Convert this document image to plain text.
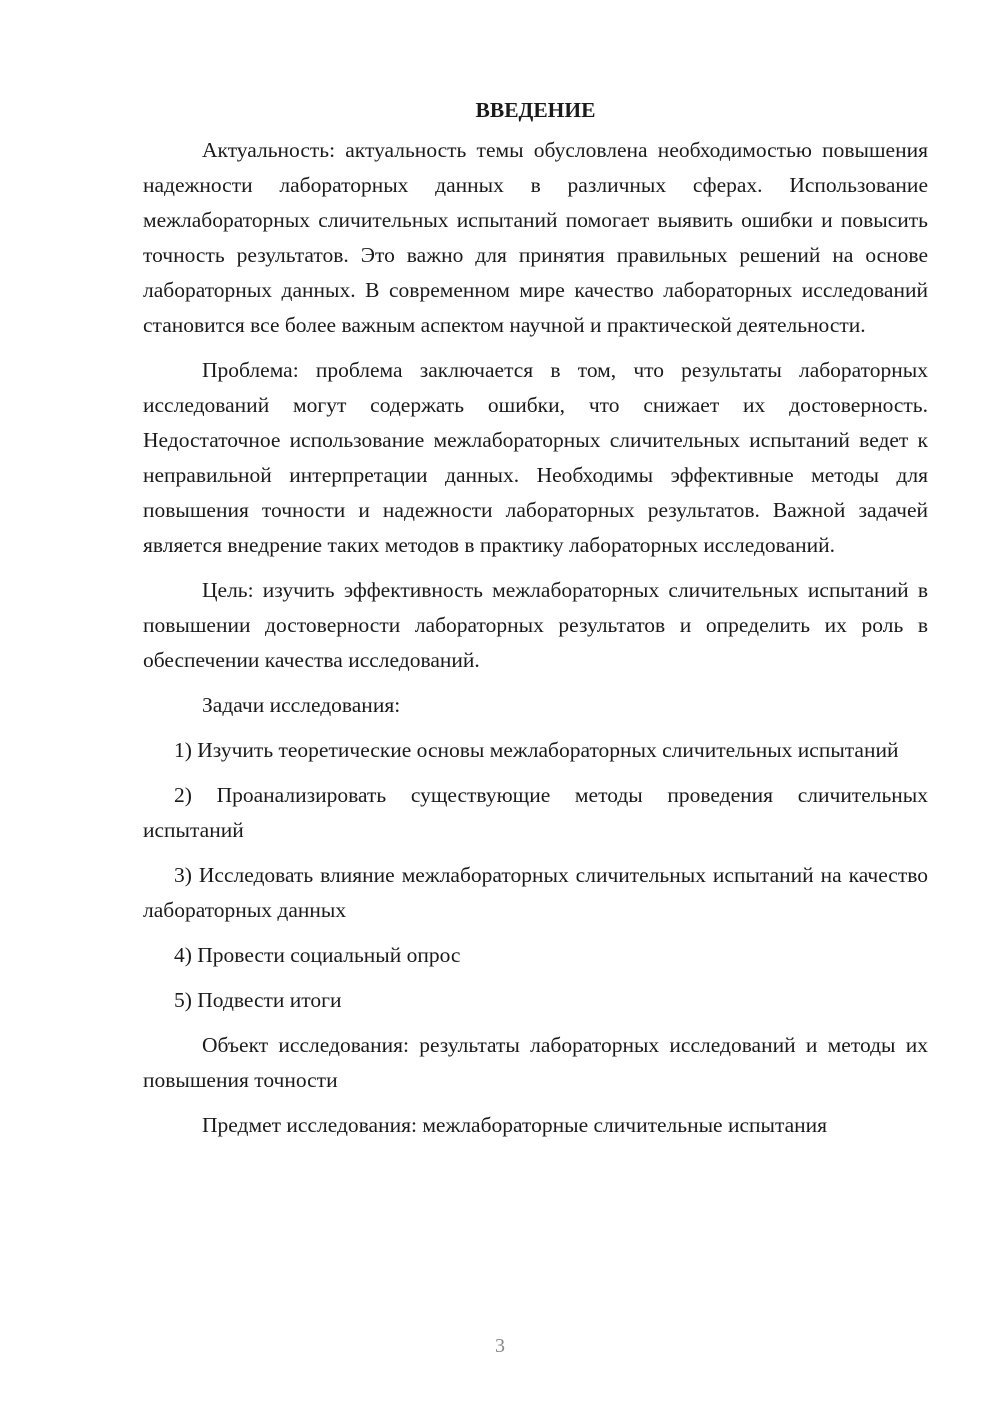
ВВЕДЕНИЕ

Актуальность: актуальность темы обусловлена необходимостью повышения надежности лабораторных данных в различных сферах. Использование межлабораторных сличительных испытаний помогает выявить ошибки и повысить точность результатов. Это важно для принятия правильных решений на основе лабораторных данных. В современном мире качество лабораторных исследований становится все более важным аспектом научной и практической деятельности.

Проблема: проблема заключается в том, что результаты лабораторных исследований могут содержать ошибки, что снижает их достоверность. Недостаточное использование межлабораторных сличительных испытаний ведет к неправильной интерпретации данных. Необходимы эффективные методы для повышения точности и надежности лабораторных результатов. Важной задачей является внедрение таких методов в практику лабораторных исследований.

Цель: изучить эффективность межлабораторных сличительных испытаний в повышении достоверности лабораторных результатов и определить их роль в обеспечении качества исследований.

Задачи исследования:

1) Изучить теоретические основы межлабораторных сличительных испытаний

2) Проанализировать существующие методы проведения сличительных испытаний

3) Исследовать влияние межлабораторных сличительных испытаний на качество лабораторных данных

4) Провести социальный опрос

5) Подвести итоги

Объект исследования: результаты лабораторных исследований и методы их повышения точности

Предмет исследования: межлабораторные сличительные испытания

3
